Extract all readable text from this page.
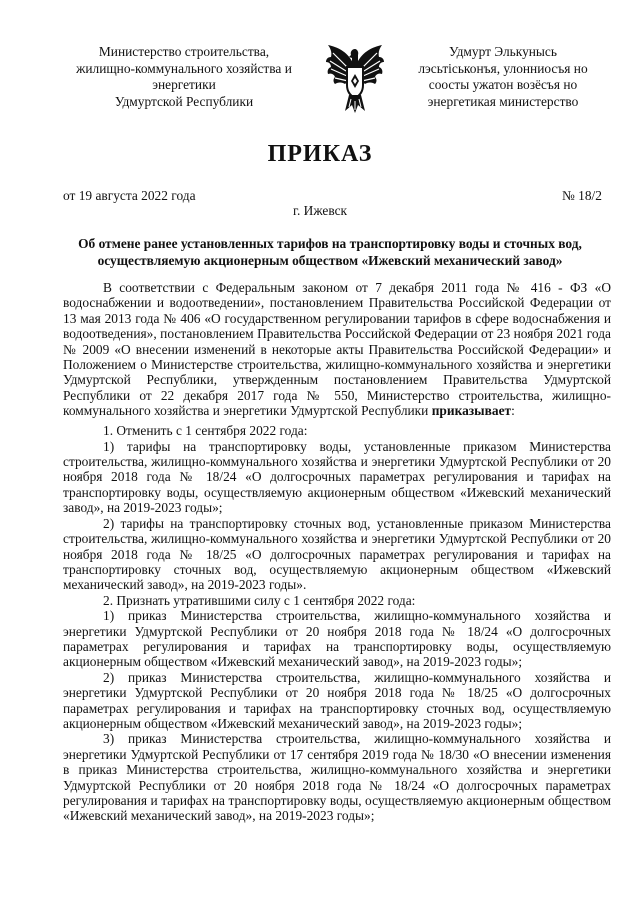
Министерство строительства,
жилищно-коммунального хозяйства и
энергетики
Удмуртской Республики
Удмурт Элькунысь
лэсьтiськонъя, улонниосъя но
соосты ужатон возёсъя но
энергетикая министерство
ПРИКАЗ
от 19 августа 2022 года	№ 18/2
г. Ижевск
Об отмене ранее установленных тарифов на транспортировку воды и сточных вод,
осуществляемую акционерным обществом «Ижевский механический завод»

В соответствии с Федеральным законом от 7 декабря 2011 года № 416 - ФЗ «О водоснабжении и водоотведении», постановлением Правительства Российской Федерации от 13 мая 2013 года № 406 «О государственном регулировании тарифов в сфере водоснабжения и водоотведения», постановлением Правительства Российской Федерации от 23 ноября 2021 года № 2009 «О внесении изменений в некоторые акты Правительства Российской Федерации» и Положением о Министерстве строительства, жилищно-коммунального хозяйства и энергетики Удмуртской Республики, утвержденным постановлением Правительства Удмуртской Республики от 22 декабря 2017 года № 550, Министерство строительства, жилищно-коммунального хозяйства и энергетики Удмуртской Республики приказывает:

1. Отменить с 1 сентября 2022 года:

1) тарифы на транспортировку воды, установленные приказом Министерства строительства, жилищно-коммунального хозяйства и энергетики Удмуртской Республики от 20 ноября 2018 года № 18/24 «О долгосрочных параметрах регулирования и тарифах на транспортировку воды, осуществляемую акционерным обществом «Ижевский механический завод», на 2019-2023 годы»;

2) тарифы на транспортировку сточных вод, установленные приказом Министерства строительства, жилищно-коммунального хозяйства и энергетики Удмуртской Республики от 20 ноября 2018 года № 18/25 «О долгосрочных параметрах регулирования и тарифах на транспортировку сточных вод, осуществляемую акционерным обществом «Ижевский механический завод», на 2019-2023 годы».

2. Признать утратившими силу с 1 сентября 2022 года:

1) приказ Министерства строительства, жилищно-коммунального хозяйства и энергетики Удмуртской Республики от 20 ноября 2018 года № 18/24 «О долгосрочных параметрах регулирования и тарифах на транспортировку воды, осуществляемую акционерным обществом «Ижевский механический завод», на 2019-2023 годы»;

2) приказ Министерства строительства, жилищно-коммунального хозяйства и энергетики Удмуртской Республики от 20 ноября 2018 года № 18/25 «О долгосрочных параметрах регулирования и тарифах на транспортировку сточных вод, осуществляемую акционерным обществом «Ижевский механический завод», на 2019-2023 годы»;

3) приказ Министерства строительства, жилищно-коммунального хозяйства и энергетики Удмуртской Республики от 17 сентября 2019 года № 18/30 «О внесении изменения в приказ Министерства строительства, жилищно-коммунального хозяйства и энергетики Удмуртской Республики от 20 ноября 2018 года № 18/24 «О долгосрочных параметрах регулирования и тарифах на транспортировку воды, осуществляемую акционерным обществом «Ижевский механический завод», на 2019-2023 годы»;
